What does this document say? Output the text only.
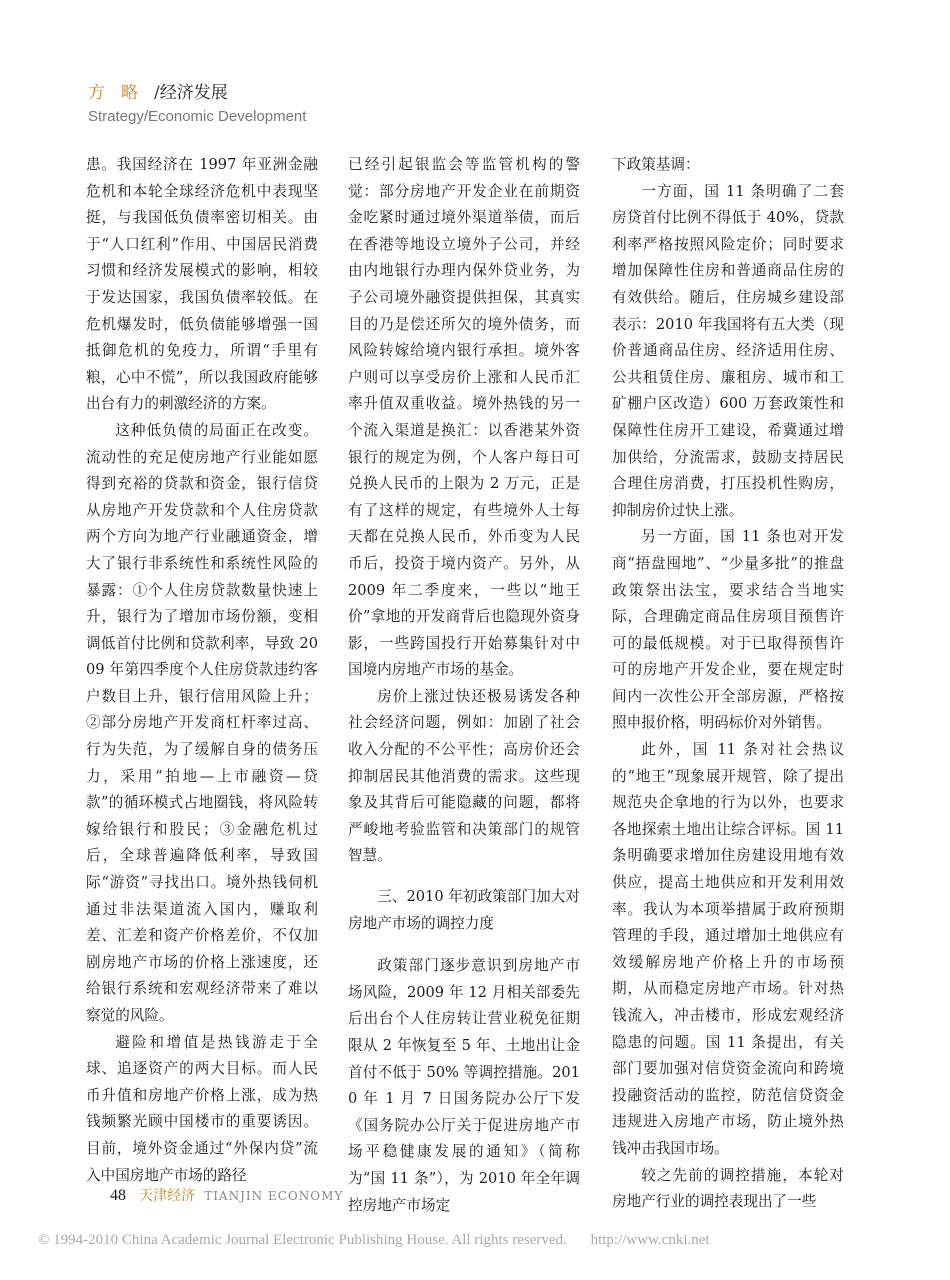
方略/经济发展
Strategy/Economic Development

患。我国经济在 1997 年亚洲金融危机和本轮全球经济危机中表现坚挺，与我国低负债率密切相关。由于“人口红利”作用、中国居民消费习惯和经济发展模式的影响，相较于发达国家，我国负债率较低。在危机爆发时，低负债能够增强一国抵御危机的免疫力，所谓“手里有粮，心中不慌”，所以我国政府能够出台有力的刺激经济的方案。

这种低负债的局面正在改变。流动性的充足使房地产行业能如愿得到充裕的贷款和资金，银行信贷从房地产开发贷款和个人住房贷款两个方向为地产行业融通资金，增大了银行非系统性和系统性风险的暴露：①个人住房贷款数量快速上升，银行为了增加市场份额，变相调低首付比例和贷款利率，导致 2009 年第四季度个人住房贷款违约客户数目上升，银行信用风险上升；②部分房地产开发商杠杆率过高、行为失范，为了缓解自身的债务压力，采用“拍地—上市融资—贷款”的循环模式占地圈钱，将风险转嫁给银行和股民；③金融危机过后，全球普遍降低利率，导致国际“游资”寻找出口。境外热钱伺机通过非法渠道流入国内，赚取利差、汇差和资产价格差价，不仅加剧房地产市场的价格上涨速度，还给银行系统和宏观经济带来了难以察觉的风险。

避险和增值是热钱游走于全球、追逐资产的两大目标。而人民币升值和房地产价格上涨，成为热钱频繁光顾中国楼市的重要诱因。目前，境外资金通过“外保内贷”流入中国房地产市场的路径

已经引起银监会等监管机构的警觉：部分房地产开发企业在前期资金吃紧时通过境外渠道举债，而后在香港等地设立境外子公司，并经由内地银行办理内保外贷业务，为子公司境外融资提供担保，其真实目的乃是偿还所欠的境外债务，而风险转嫁给境内银行承担。境外客户则可以享受房价上涨和人民币汇率升值双重收益。境外热钱的另一个流入渠道是换汇：以香港某外资银行的规定为例，个人客户每日可兑换人民币的上限为 2 万元，正是有了这样的规定，有些境外人士每天都在兑换人民币，外币变为人民币后，投资于境内资产。另外，从 2009 年二季度来，一些以“地王价”拿地的开发商背后也隐现外资身影，一些跨国投行开始募集针对中国境内房地产市场的基金。

房价上涨过快还极易诱发各种社会经济问题，例如：加剧了社会收入分配的不公平性；高房价还会抑制居民其他消费的需求。这些现象及其背后可能隐藏的问题，都将严峻地考验监管和决策部门的规管智慧。

三、2010 年初政策部门加大对房地产市场的调控力度

政策部门逐步意识到房地产市场风险，2009 年 12 月相关部委先后出台个人住房转让营业税免征期限从 2 年恢复至 5 年、土地出让金首付不低于 50% 等调控措施。2010 年 1 月 7 日国务院办公厅下发《国务院办公厅关于促进房地产市场平稳健康发展的通知》（简称为“国 11 条”），为 2010 年全年调控房地产市场定

下政策基调：

一方面，国 11 条明确了二套房贷首付比例不得低于 40%，贷款利率严格按照风险定价；同时要求增加保障性住房和普通商品住房的有效供给。随后，住房城乡建设部表示：2010 年我国将有五大类（现价普通商品住房、经济适用住房、公共租赁住房、廉租房、城市和工矿棚户区改造）600 万套政策性和保障性住房开工建设，希冀通过增加供给，分流需求，鼓励支持居民合理住房消费，打压投机性购房，抑制房价过快上涨。

另一方面，国 11 条也对开发商“捂盘囤地”、“少量多批”的推盘政策祭出法宝，要求结合当地实际，合理确定商品住房项目预售许可的最低规模。对于已取得预售许可的房地产开发企业，要在规定时间内一次性公开全部房源，严格按照申报价格，明码标价对外销售。

此外，国 11 条对社会热议的“地王”现象展开规管，除了提出规范央企拿地的行为以外，也要求各地探索土地出让综合评标。国 11 条明确要求增加住房建设用地有效供应，提高土地供应和开发利用效率。我认为本项举措属于政府预期管理的手段，通过增加土地供应有效缓解房地产价格上升的市场预期，从而稳定房地产市场。针对热钱流入，冲击楼市，形成宏观经济隐患的问题。国 11 条提出，有关部门要加强对信贷资金流向和跨境投融资活动的监控，防范信贷资金违规进入房地产市场，防止境外热钱冲击我国市场。

较之先前的调控措施，本轮对房地产行业的调控表现出了一些

48 天津经济 TIANJIN ECONOMY
© 1994-2010 China Academic Journal Electronic Publishing House. All rights reserved. http://www.cnki.net
